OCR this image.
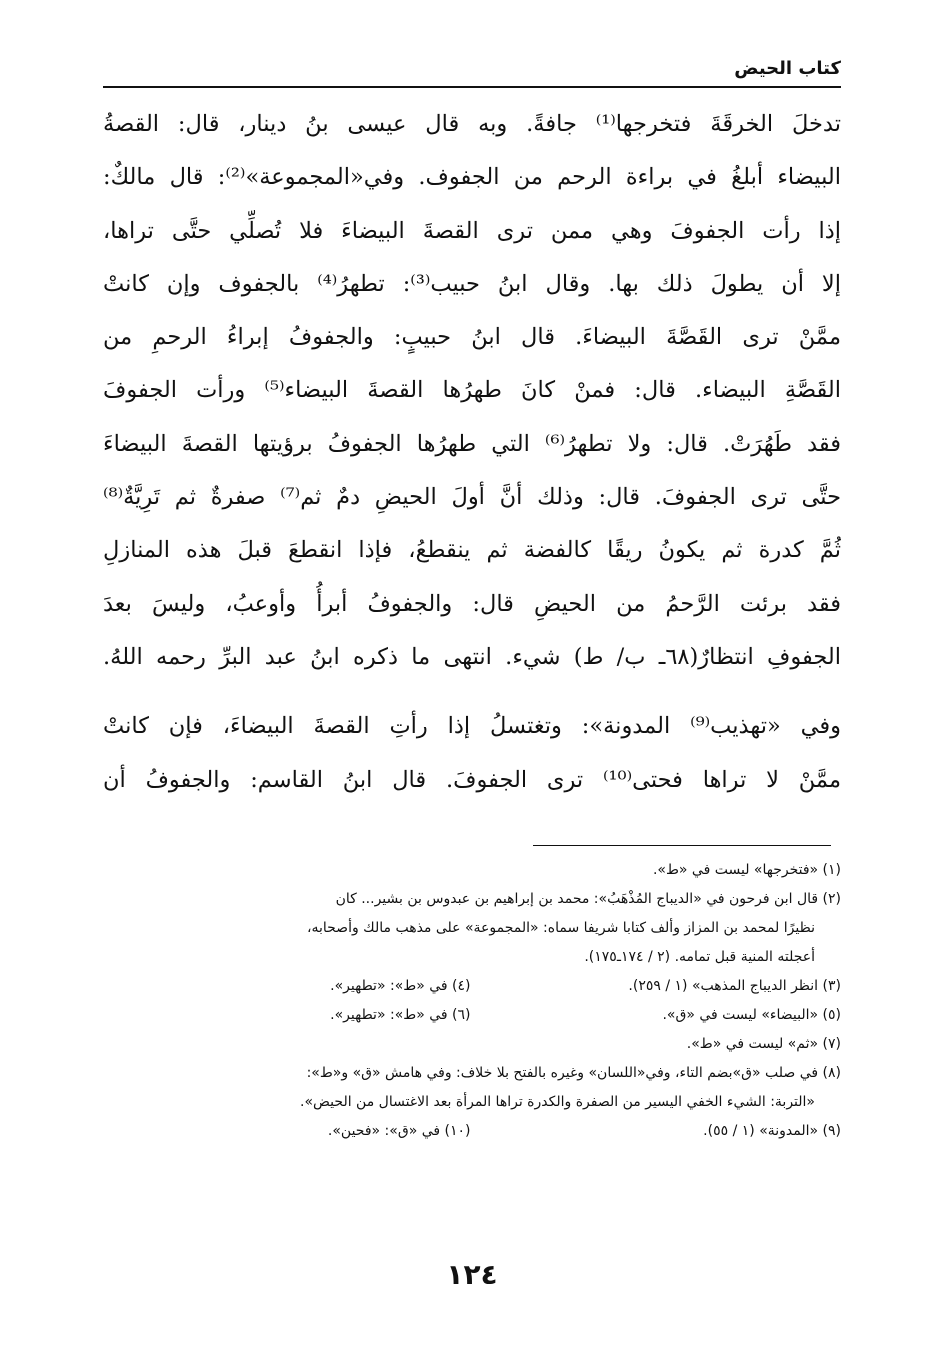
كتاب الحيض
تدخلَ الخرقَةَ فتخرجها⁽¹⁾ جافةً. وبه قال عيسى بنُ دينار، قال: القصةُ
البيضاء أبلغُ في براءة الرحم من الجفوف. وفي«المجموعة»⁽²⁾: قال مالكٌ:
إذا رأت الجفوفَ وهي ممن ترى القصةَ البيضاءَ فلا تُصلِّي حتَّى تراها،
إلا أن يطولَ ذلك بها. وقال ابنُ حبيب⁽³⁾: تطهرُ⁽⁴⁾ بالجفوف وإن كانتْ
ممَّنْ ترى القَصَّةَ البيضاءَ. قال ابنُ حبيبٍ: والجفوفُ إبراءُ الرحمِ من
القَصَّةِ البيضاء. قال: فمنْ كانَ طهرُها القصةَ البيضاء⁽⁵⁾ ورأت الجفوفَ
فقد طَهُرَتْ. قال: ولا تطهرُ⁽⁶⁾ التي طهرُها الجفوفُ برؤيتها القصةَ البيضاءَ
حتَّى ترى الجفوفَ. قال: وذلك أنَّ أولَ الحيضِ دمٌ ثم⁽⁷⁾ صفرةٌ ثم تَرِيَّةٌ⁽⁸⁾
ثُمَّ كدرة ثم يكونُ ريقًا كالفضة ثم ينقطعُ، فإذا انقطعَ قبلَ هذه المنازلِ
فقد برئت الرَّحمُ من الحيضِ قال: والجفوفُ أبرأُ وأوعبُ، وليسَ بعدَ
الجفوفِ انتظارٌ(٦٨ـ ب/ ط) شيء. انتهى ما ذكره ابنُ عبد البرِّ رحمه اللهُ.
وفي «تهذيب⁽⁹⁾ المدونة»: وتغتسلُ إذا رأتِ القصةَ البيضاءَ، فإن كانتْ
ممَّنْ لا تراها فحتى⁽¹⁰⁾ ترى الجفوفَ. قال ابنُ القاسم: والجفوفُ أن
(١) «فتخرجها» ليست في «ط».
(٢) قال ابن فرحون في «الديباج المُذْهَبُ»: محمد بن إبراهيم بن عبدوس بن بشير... كان
نظيرًا لمحمد بن المزاز وألف كتابا شريفا سماه: «المجموعة» على مذهب مالك وأصحابه،
أعجلته المنية قبل تمامه. (٢ / ١٧٤ـ١٧٥).
(٣) انظر الديباج المذهب» (١ / ٢٥٩).
(٤) في «ط»: «تطهير».
(٥) «البيضاء» ليست في «ق».
(٦) في «ط»: «تطهير».
(٧) «ثم» ليست في «ط».
(٨) في صلب «ق»بضم التاء، وفي«اللسان» وغيره بالفتح بلا خلاف: وفي هامش «ق» و«ط»:
«التربة: الشيء الخفي اليسير من الصفرة والكدرة تراها المرأة بعد الاغتسال من الحيض».
(٩) «المدونة» (١ / ٥٥).
(١٠) في «ق»: «فحين».
١٢٤
